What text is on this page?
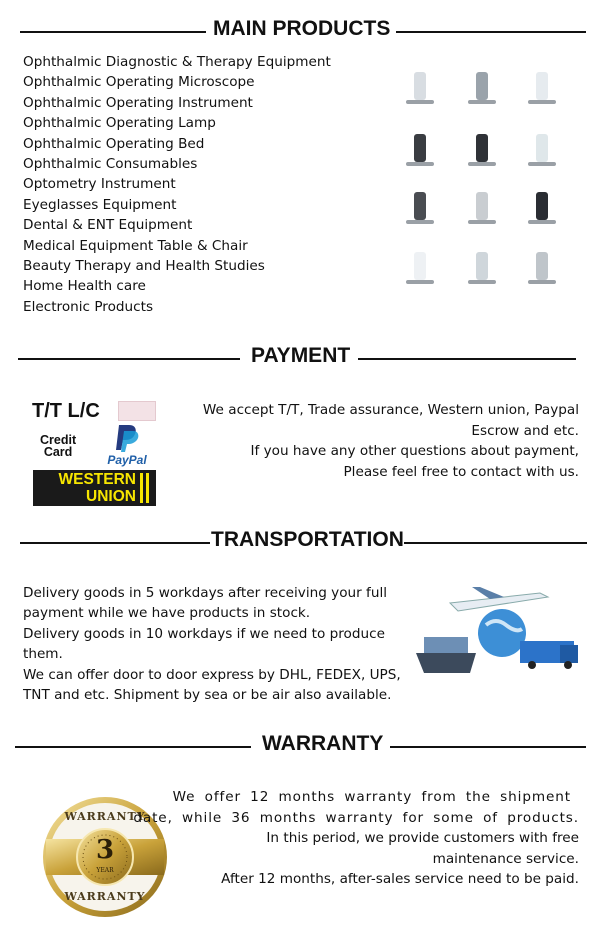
MAIN PRODUCTS
Ophthalmic Diagnostic & Therapy Equipment
Ophthalmic Operating Microscope
Ophthalmic Operating Instrument
Ophthalmic Operating Lamp
Ophthalmic Operating Bed
Ophthalmic Consumables
Optometry Instrument
Eyeglasses Equipment
Dental & ENT Equipment
Medical Equipment Table & Chair
Beauty Therapy and Health Studies
Home Health care
Electronic Products
PAYMENT
T/T L/C
Credit
Card
PayPal
WESTERN
UNION
We accept T/T, Trade assurance, Western union, Paypal
Escrow and etc.
If you have any other questions about payment,
Please feel free to contact with us.
TRANSPORTATION
Delivery goods in 5 workdays after receiving your full
payment while we have products in stock.
Delivery goods in 10 workdays if we need to produce
them.
We can offer door to door express by DHL, FEDEX, UPS,
TNT and etc. Shipment by sea or be air also available.
WARRANTY
WARRANTY
3
YEAR
WARRANTY
We offer 12 months warranty from the shipment
date, while 36 months warranty for some of products.
In this period, we provide customers with free
maintenance service.
After 12 months, after-sales service need to be paid.
